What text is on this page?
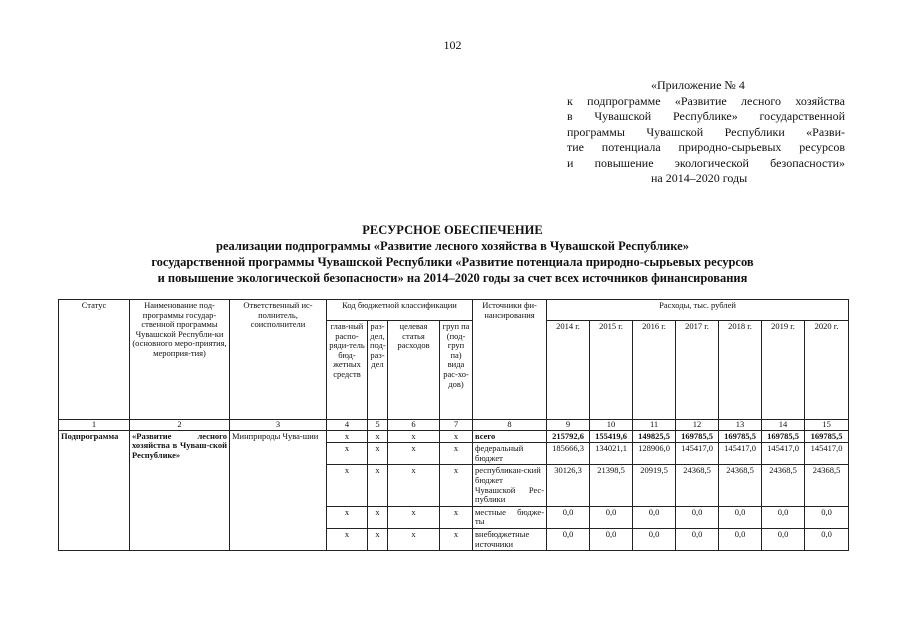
102
«Приложение № 4
к подпрограмме «Развитие лесного хозяйства
в Чувашской Республике» государственной
программы Чувашской Республики «Разви-
тие потенциала природно-сырьевых ресурсов
и повышение экологической безопасности»
на 2014–2020 годы
РЕСУРСНОЕ ОБЕСПЕЧЕНИЕ
реализации подпрограммы «Развитие лесного хозяйства в Чувашской Республике»
государственной программы Чувашской Республики «Развитие потенциала природно-сырьевых ресурсов
и повышение экологической безопасности» на 2014–2020 годы за счет всех источников финансирования
Статус	Наименование под-программы государ-ственной программы Чувашской Республи-ки (основного меро-приятия, мероприя-тия)	Ответственный ис-полнитель, соисполнители	Код бюджетной классификации				Источники фи-нансирования	Расходы, тыс. рублей						
			глав-ный распо-ряди-тель бюд-жетных средств	раз-дел, под-раз-дел	целевая статья расходов	груп па (под-груп па) вида рас-хо-дов)		2014 г.	2015 г.	2016 г.	2017 г.	2018 г.	2019 г.	2020 г.
1	2	3	4	5	6	7	8	9	10	11	12	13	14	15
Подпрограмма	«Развитие лесного хозяйства в Чуваш-ской Республике»	Минприроды Чува-шии	x	x	x	x	всего	215792,6	155419,6	149825,5	169785,5	169785,5	169785,5	169785,5
			x	x	x	x	федеральный бюджет	185666,3	134021,1	128906,0	145417,0	145417,0	145417,0	145417,0
			x	x	x	x	республикан-ский бюджет Чувашской Рес-публики	30126,3	21398,5	20919,5	24368,5	24368,5	24368,5	24368,5
			x	x	x	x	местные бюдже-ты	0,0	0,0	0,0	0,0	0,0	0,0	0,0
			x	x	x	x	внебюджетные источники	0,0	0,0	0,0	0,0	0,0	0,0	0,0
